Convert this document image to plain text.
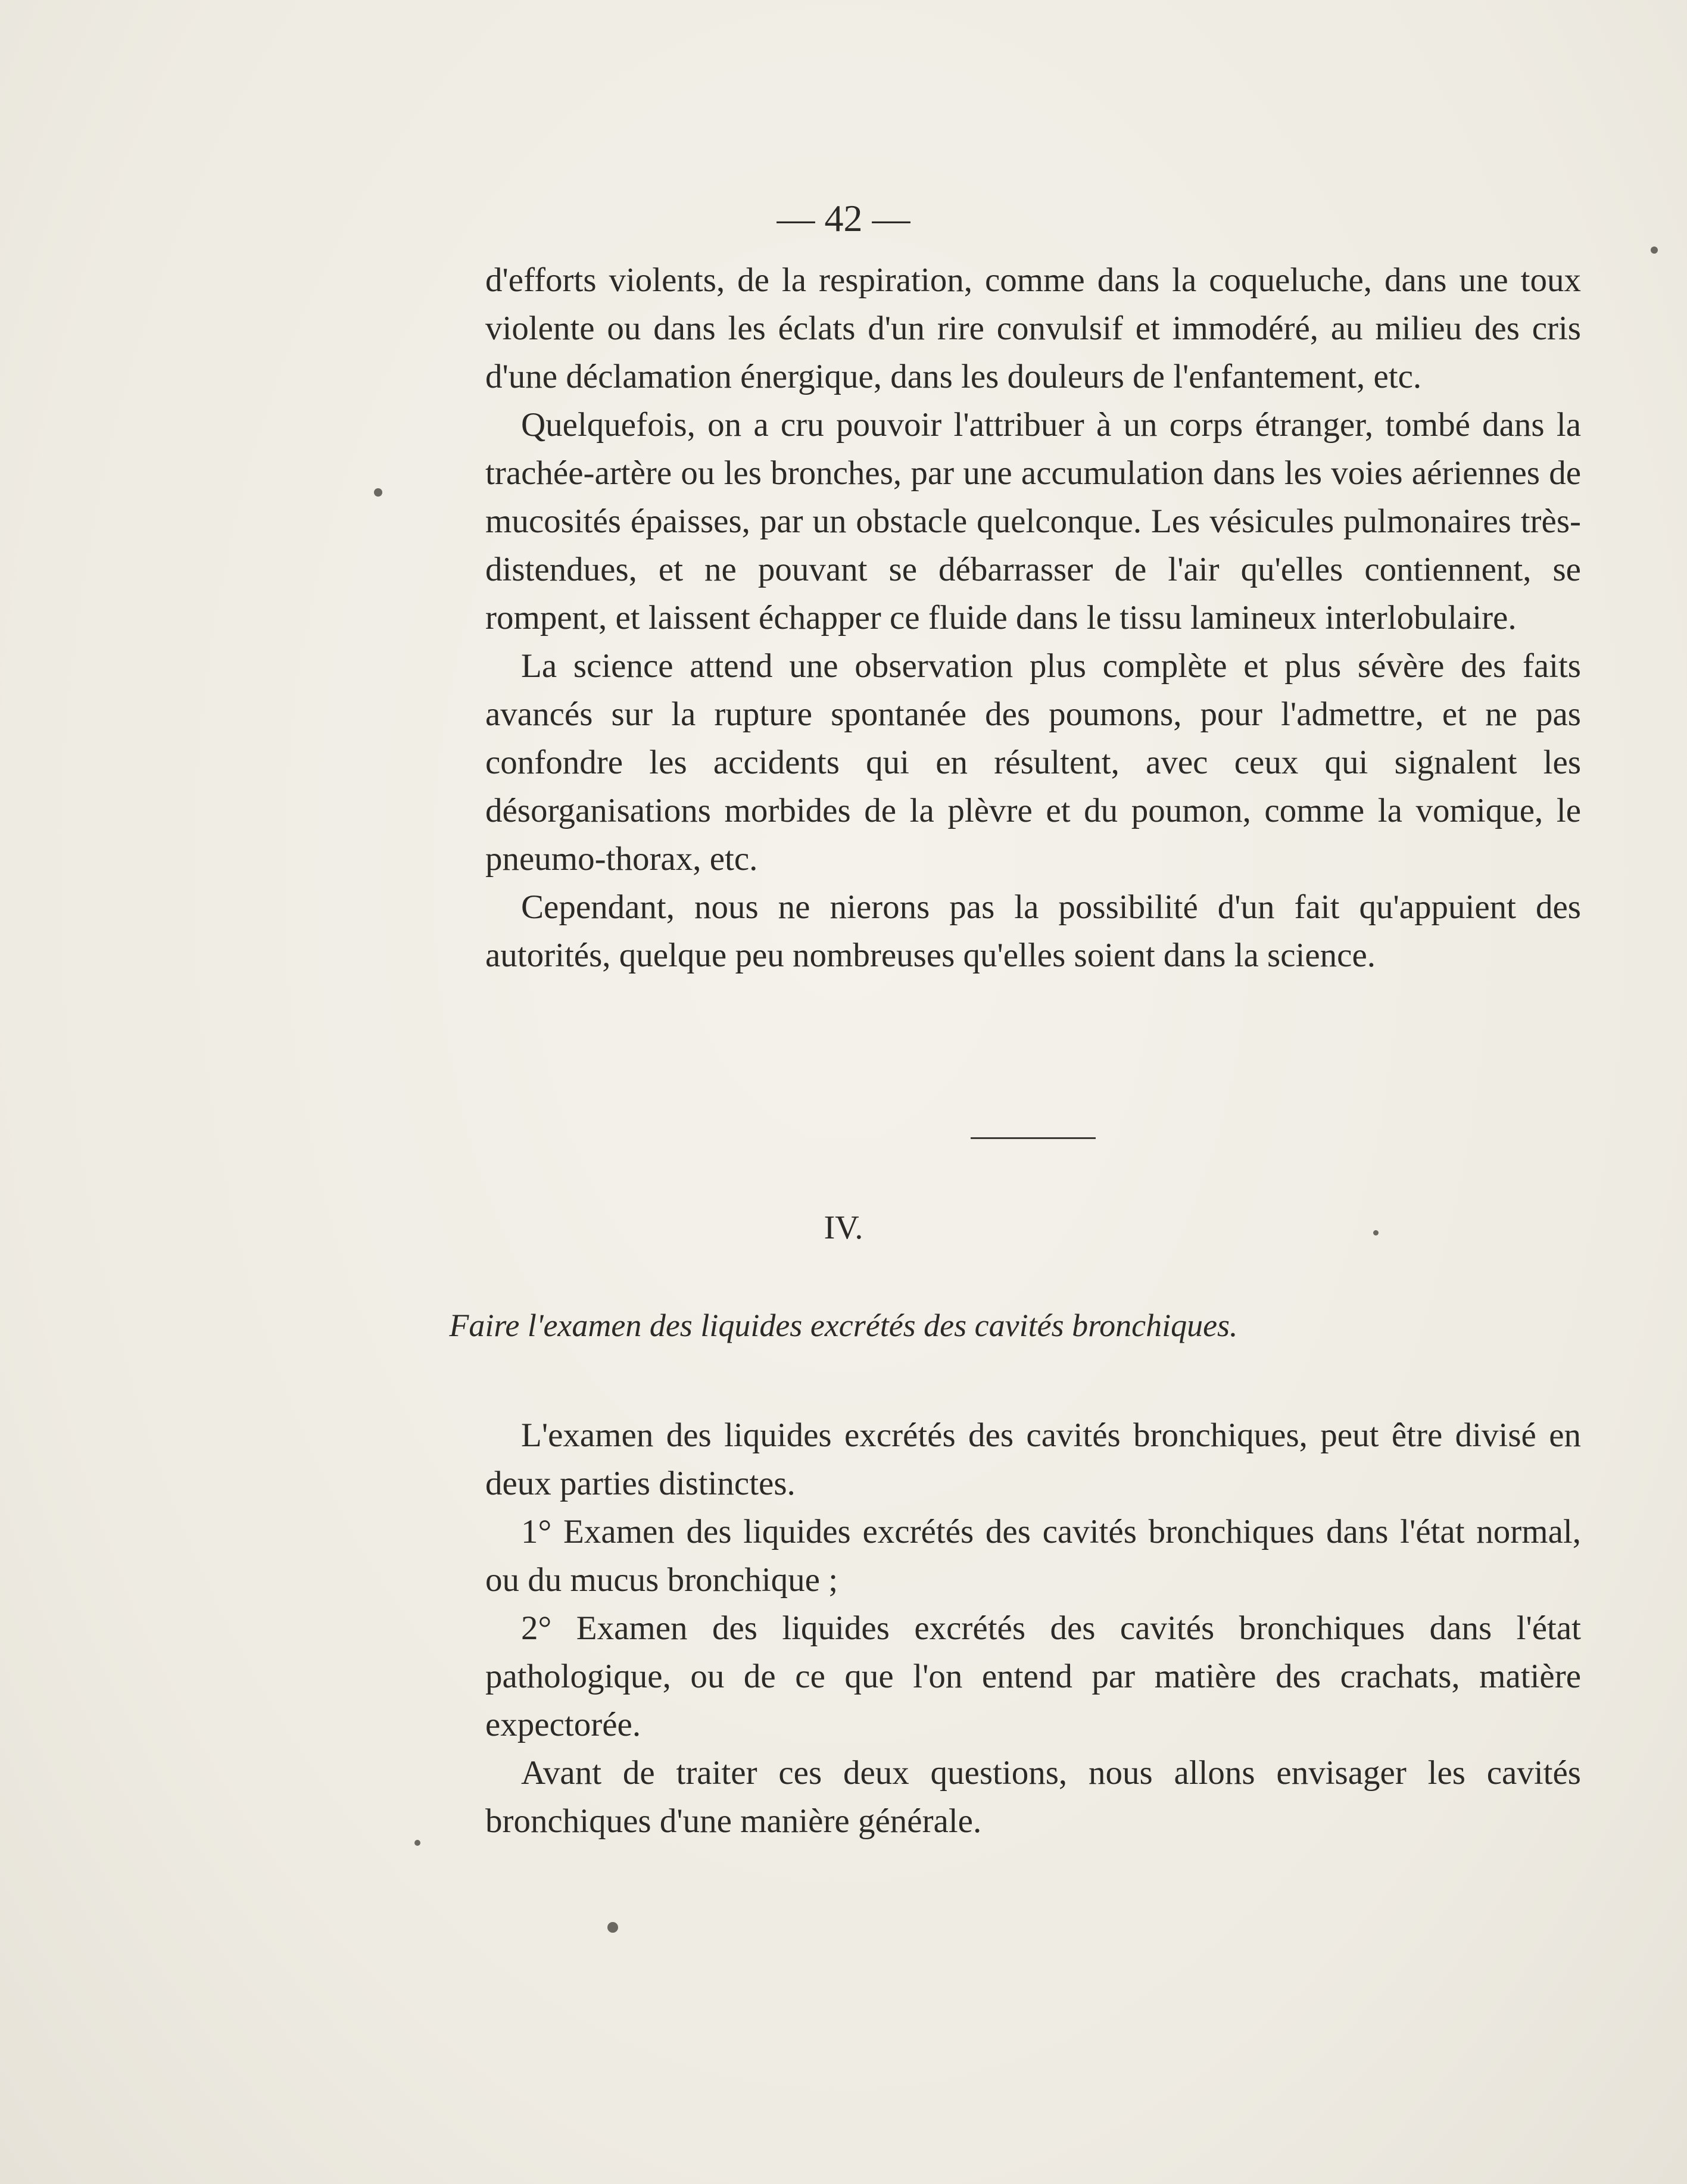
— 42 —

d'efforts violents, de la respiration, comme dans la coqueluche, dans une toux violente ou dans les éclats d'un rire convulsif et immodéré, au milieu des cris d'une déclamation énergique, dans les douleurs de l'enfantement, etc.

Quelquefois, on a cru pouvoir l'attribuer à un corps étranger, tombé dans la trachée-artère ou les bronches, par une accumulation dans les voies aériennes de mucosités épaisses, par un obstacle quelconque. Les vésicules pulmonaires très-distendues, et ne pouvant se débarrasser de l'air qu'elles contiennent, se rompent, et laissent échapper ce fluide dans le tissu lamineux interlobulaire.

La science attend une observation plus complète et plus sévère des faits avancés sur la rupture spontanée des poumons, pour l'admettre, et ne pas confondre les accidents qui en résultent, avec ceux qui signalent les désorganisations morbides de la plèvre et du poumon, comme la vomique, le pneumo-thorax, etc.

Cependant, nous ne nierons pas la possibilité d'un fait qu'appuient des autorités, quelque peu nombreuses qu'elles soient dans la science.

IV.
Faire l'examen des liquides excrétés des cavités bronchiques.

L'examen des liquides excrétés des cavités bronchiques, peut être divisé en deux parties distinctes.

1° Examen des liquides excrétés des cavités bronchiques dans l'état normal, ou du mucus bronchique ;

2° Examen des liquides excrétés des cavités bronchiques dans l'état pathologique, ou de ce que l'on entend par matière des crachats, matière expectorée.

Avant de traiter ces deux questions, nous allons envisager les cavités bronchiques d'une manière générale.
